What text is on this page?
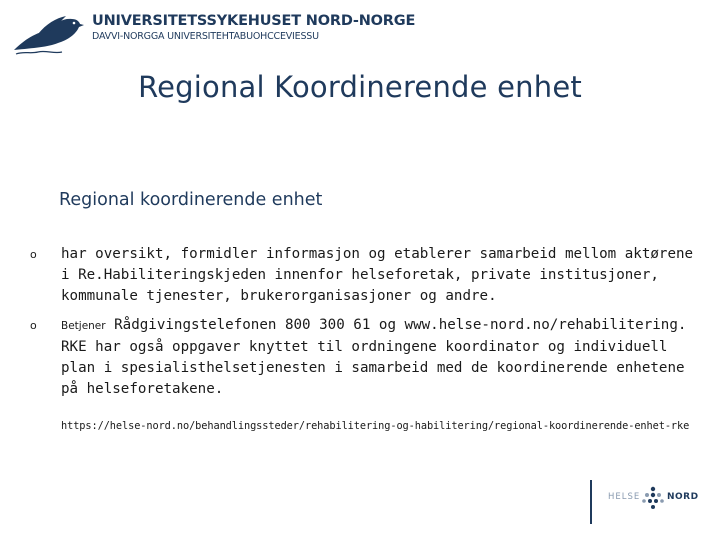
UNIVERSITETSSYKEHUSET NORD-NORGE
DAVVI-NORGGA UNIVERSITEHTABUOHCCEVIESSU
Regional Koordinerende enhet
Regional koordinerende enhet
o har oversikt, formidler informasjon og etablerer samarbeid mellom aktørene i Re.Habiliteringskjeden innenfor helseforetak, private institusjoner, kommunale tjenester, brukerorganisasjoner og andre.
o Betjener Rådgivingstelefonen 800 300 61 og www.helse-nord.no/rehabilitering. RKE har også oppgaver knyttet til ordningene koordinator og individuell plan i spesialisthelsetjenesten i samarbeid med de koordinerende enhetene på helseforetakene.
https://helse-nord.no/behandlingssteder/rehabilitering-og-habilitering/regional-koordinerende-enhet-rke
HELSE	NORD
